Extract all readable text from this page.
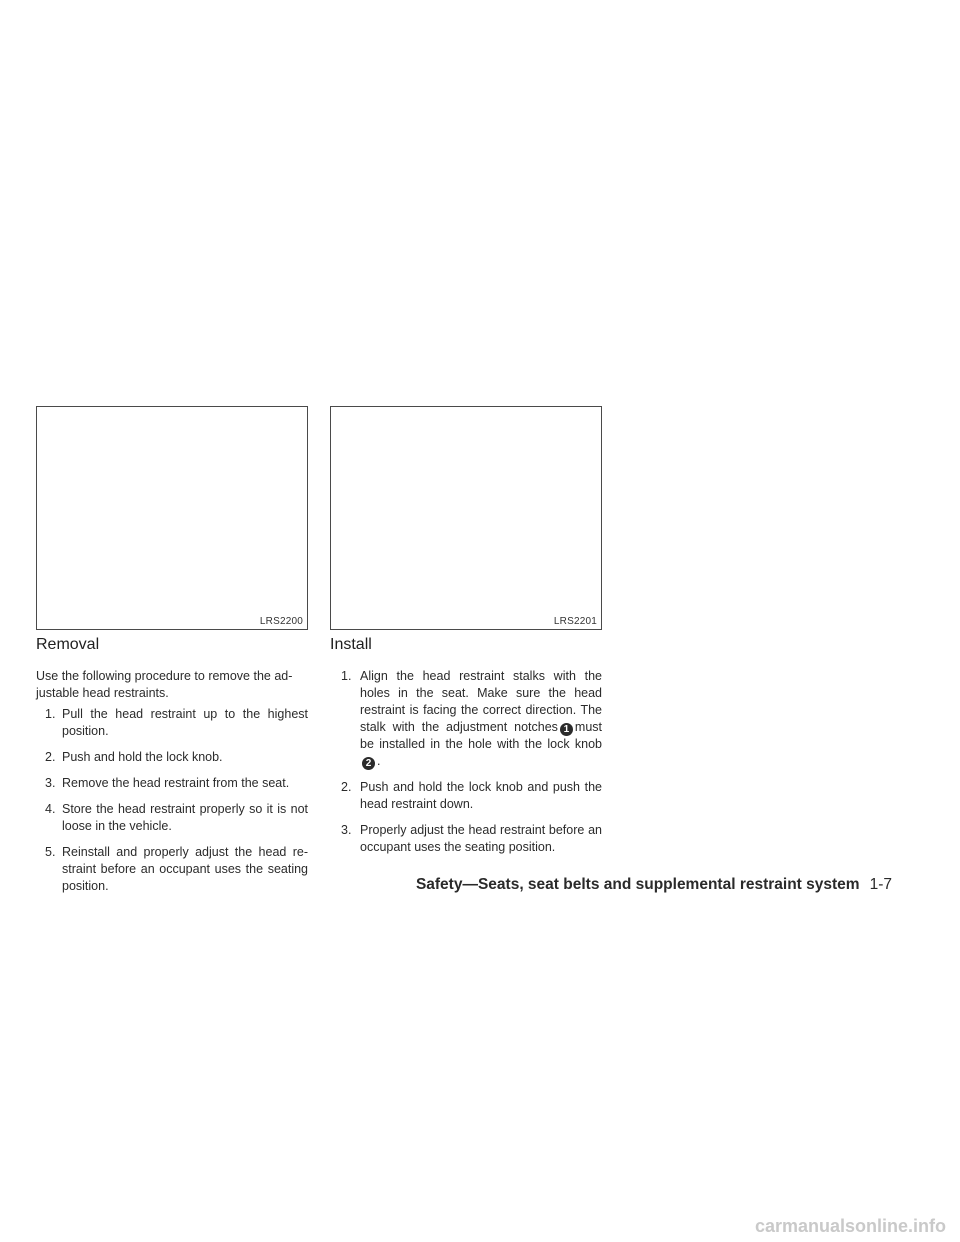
LRS2200	LRS2201
Removal

Use the following procedure to remove the ad-justable head restraints.

1. Pull the head restraint up to the highest position.
2. Push and hold the lock knob.
3. Remove the head restraint from the seat.
4. Store the head restraint properly so it is not loose in the vehicle.
5. Reinstall and properly adjust the head re-straint before an occupant uses the seating position.
Install
1. Align the head restraint stalks with the holes in the seat. Make sure the head restraint is facing the correct direction. The stalk with the adjustment notches 1 must be installed in the hole with the lock knob2 .
2. Push and hold the lock knob and push the head restraint down.
3. Properly adjust the head restraint before an occupant uses the seating position.
Safety—Seats, seat belts and supplemental restraint system 1-7
carmanualsonline.info
